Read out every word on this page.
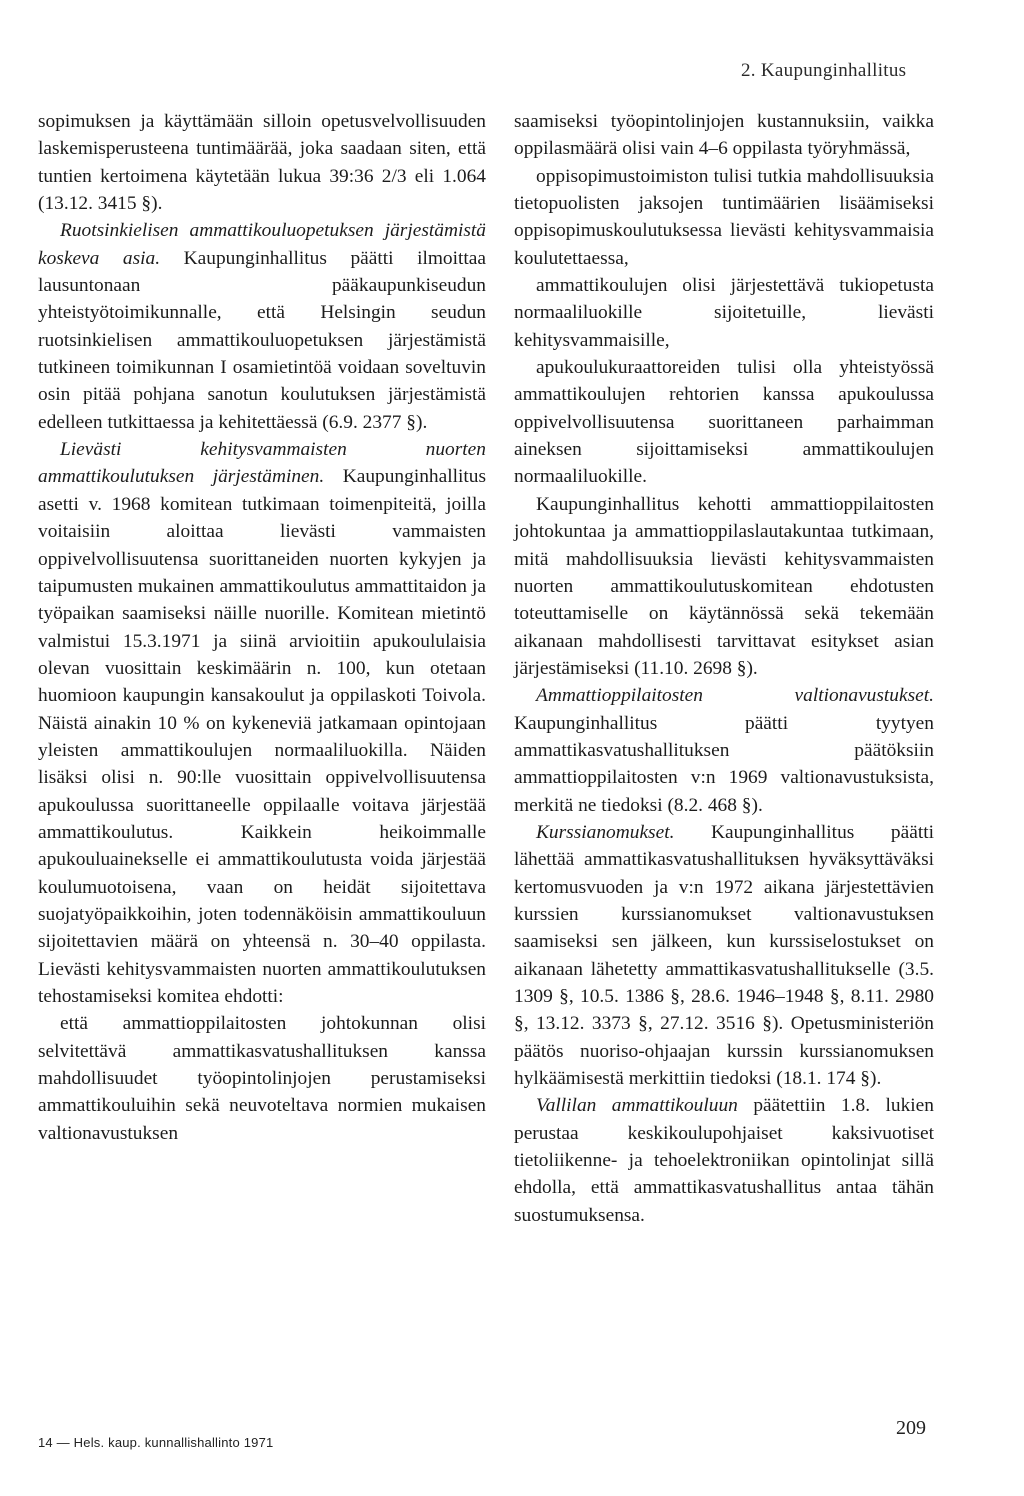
2. Kaupunginhallitus

sopimuksen ja käyttämään silloin opetusvelvollisuuden laskemisperusteena tuntimäärää, joka saadaan siten, että tuntien kertoimena käytetään lukua 39:36 2/3 eli 1.064 (13.12. 3415 §).

Ruotsinkielisen ammattikouluopetuksen järjestämistä koskeva asia. Kaupunginhallitus päätti ilmoittaa lausuntonaan pääkaupunkiseudun yhteistyötoimikunnalle, että Helsingin seudun ruotsinkielisen ammattikouluopetuksen järjestämistä tutkineen toimikunnan I osamietintöä voidaan soveltuvin osin pitää pohjana sanotun koulutuksen järjestämistä edelleen tutkittaessa ja kehitettäessä (6.9. 2377 §).

Lievästi kehitysvammaisten nuorten ammattikoulutuksen järjestäminen. Kaupunginhallitus asetti v. 1968 komitean tutkimaan toimenpiteitä, joilla voitaisiin aloittaa lievästi vammaisten oppivelvollisuutensa suorittaneiden nuorten kykyjen ja taipumusten mukainen ammattikoulutus ammattitaidon ja työpaikan saamiseksi näille nuorille. Komitean mietintö valmistui 15.3.1971 ja siinä arvioitiin apukoululaisia olevan vuosittain keskimäärin n. 100, kun otetaan huomioon kaupungin kansakoulut ja oppilaskoti Toivola. Näistä ainakin 10 % on kykeneviä jatkamaan opintojaan yleisten ammattikoulujen normaaliluokilla. Näiden lisäksi olisi n. 90:lle vuosittain oppivelvollisuutensa apukoulussa suorittaneelle oppilaalle voitava järjestää ammattikoulutus. Kaikkein heikoimmalle apukouluainekselle ei ammattikoulutusta voida järjestää koulumuotoisena, vaan on heidät sijoitettava suojatyöpaikkoihin, joten todennäköisin ammattikouluun sijoitettavien määrä on yhteensä n. 30–40 oppilasta. Lievästi kehitysvammaisten nuorten ammattikoulutuksen tehostamiseksi komitea ehdotti:

että ammattioppilaitosten johtokunnan olisi selvitettävä ammattikasvatushallituksen kanssa mahdollisuudet työopintolinjojen perustamiseksi ammattikouluihin sekä neuvoteltava normien mukaisen valtionavustuksen

saamiseksi työopintolinjojen kustannuksiin, vaikka oppilasmäärä olisi vain 4–6 oppilasta työryhmässä,

oppisopimustoimiston tulisi tutkia mahdollisuuksia tietopuolisten jaksojen tuntimäärien lisäämiseksi oppisopimuskoulutuksessa lievästi kehitysvammaisia koulutettaessa,

ammattikoulujen olisi järjestettävä tukiopetusta normaaliluokille sijoitetuille, lievästi kehitysvammaisille,

apukoulukuraattoreiden tulisi olla yhteistyössä ammattikoulujen rehtorien kanssa apukoulussa oppivelvollisuutensa suorittaneen parhaimman aineksen sijoittamiseksi ammattikoulujen normaaliluokille.

Kaupunginhallitus kehotti ammattioppilaitosten johtokuntaa ja ammattioppilaslautakuntaa tutkimaan, mitä mahdollisuuksia lievästi kehitysvammaisten nuorten ammattikoulutuskomitean ehdotusten toteuttamiselle on käytännössä sekä tekemään aikanaan mahdollisesti tarvittavat esitykset asian järjestämiseksi (11.10. 2698 §).

Ammattioppilaitosten valtionavustukset. Kaupunginhallitus päätti tyytyen ammattikasvatushallituksen päätöksiin ammattioppilaitosten v:n 1969 valtionavustuksista, merkitä ne tiedoksi (8.2. 468 §).

Kurssianomukset. Kaupunginhallitus päätti lähettää ammattikasvatushallituksen hyväksyttäväksi kertomusvuoden ja v:n 1972 aikana järjestettävien kurssien kurssianomukset valtionavustuksen saamiseksi sen jälkeen, kun kurssiselostukset on aikanaan lähetetty ammattikasvatushallitukselle (3.5. 1309 §, 10.5. 1386 §, 28.6. 1946–1948 §, 8.11. 2980 §, 13.12. 3373 §, 27.12. 3516 §). Opetusministeriön päätös nuoriso-ohjaajan kurssin kurssianomuksen hylkäämisestä merkittiin tiedoksi (18.1. 174 §).

Vallilan ammattikouluun päätettiin 1.8. lukien perustaa keskikoulupohjaiset kaksivuotiset tietoliikenne- ja tehoelektroniikan opintolinjat sillä ehdolla, että ammattikasvatushallitus antaa tähän suostumuksensa.

14 — Hels. kaup. kunnallishallinto 1971
209
